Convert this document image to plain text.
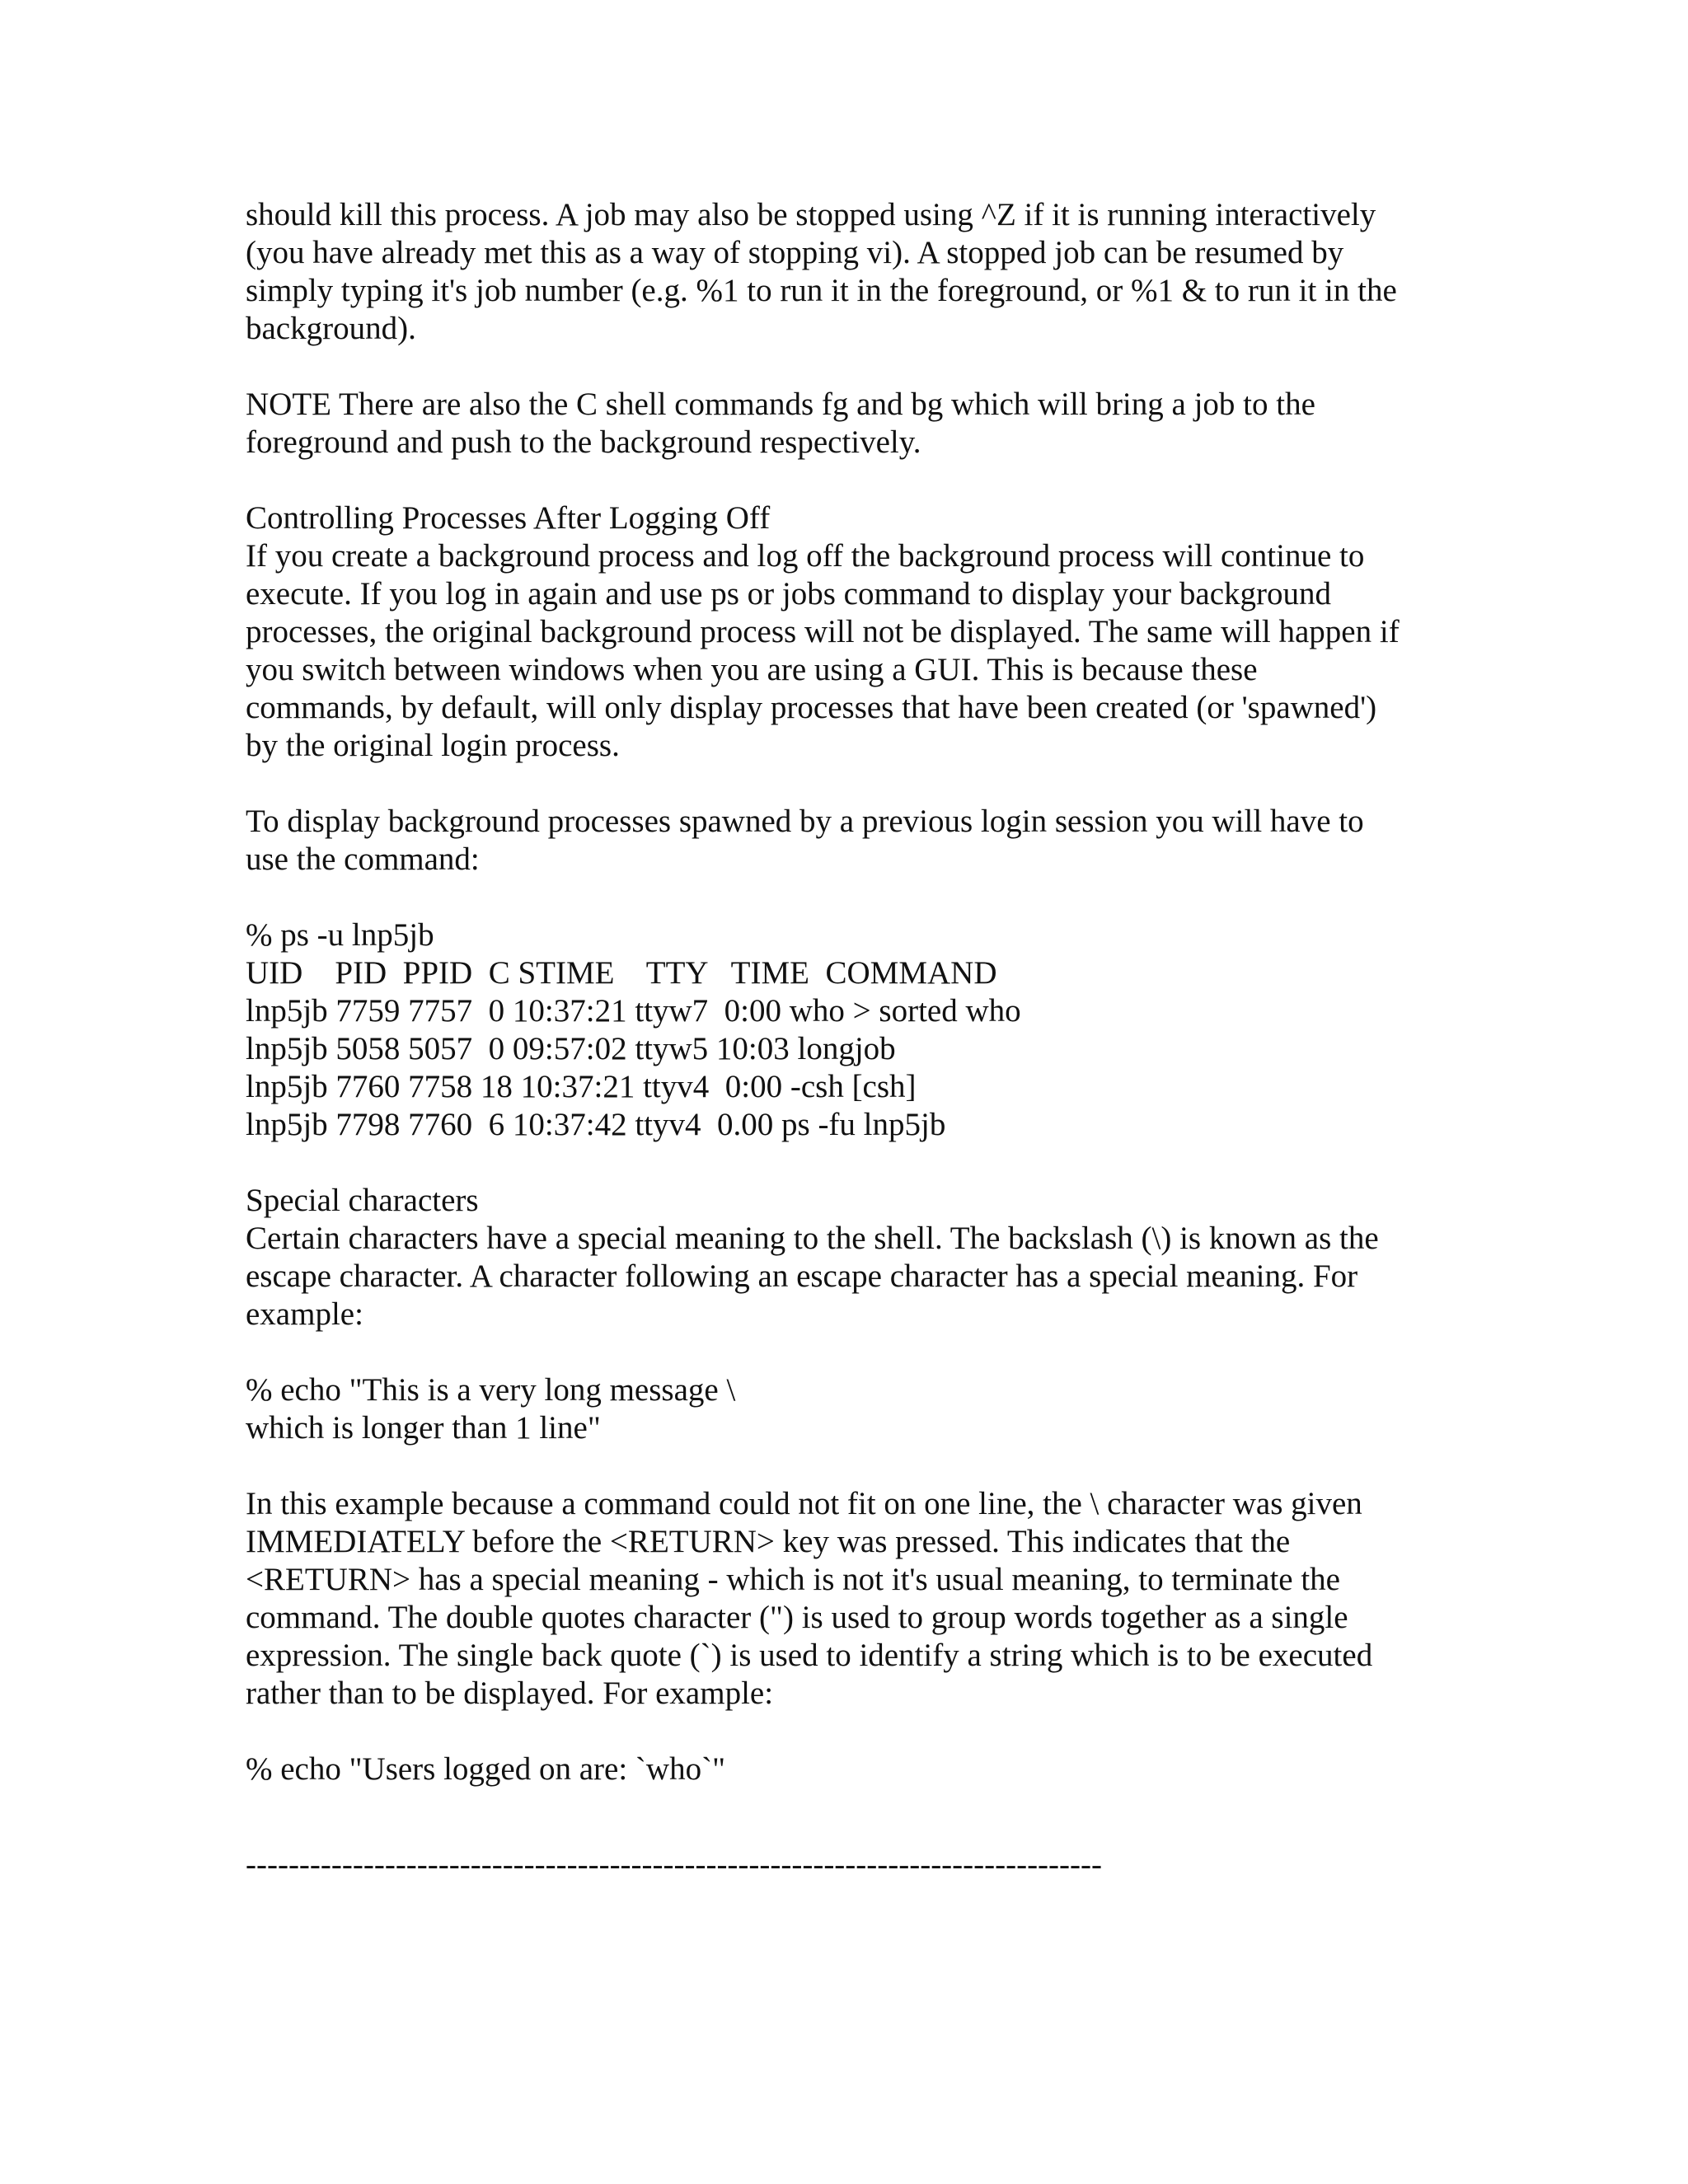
should kill this process. A job may also be stopped using ^Z if it is running interactively
(you have already met this as a way of stopping vi). A stopped job can be resumed by
simply typing it's job number (e.g. %1 to run it in the foreground, or %1 & to run it in the
background).
NOTE There are also the C shell commands fg and bg which will bring a job to the
foreground and push to the background respectively.
Controlling Processes After Logging Off
If you create a background process and log off the background process will continue to
execute. If you log in again and use ps or jobs command to display your background
processes, the original background process will not be displayed. The same will happen if
you switch between windows when you are using a GUI. This is because these
commands, by default, will only display processes that have been created (or 'spawned')
by the original login process.
To display background processes spawned by a previous login session you will have to
use the command:
% ps -u lnp5jb
UID    PID  PPID  C STIME    TTY   TIME  COMMAND
lnp5jb 7759 7757  0 10:37:21 ttyw7  0:00 who > sorted who
lnp5jb 5058 5057  0 09:57:02 ttyw5 10:03 longjob
lnp5jb 7760 7758 18 10:37:21 ttyv4  0:00 -csh [csh]
lnp5jb 7798 7760  6 10:37:42 ttyv4  0.00 ps -fu lnp5jb
Special characters
Certain characters have a special meaning to the shell. The backslash (\) is known as the
escape character. A character following an escape character has a special meaning. For
example:
% echo "This is a very long message \
which is longer than 1 line"
In this example because a command could not fit on one line, the \ character was given
IMMEDIATELY before the <RETURN> key was pressed. This indicates that the
<RETURN> has a special meaning - which is not it's usual meaning, to terminate the
command. The double quotes character (") is used to group words together as a single
expression. The single back quote (`) is used to identify a string which is to be executed
rather than to be displayed. For example:
% echo "Users logged on are: `who`"
--------------------------------------------------------------------------------
